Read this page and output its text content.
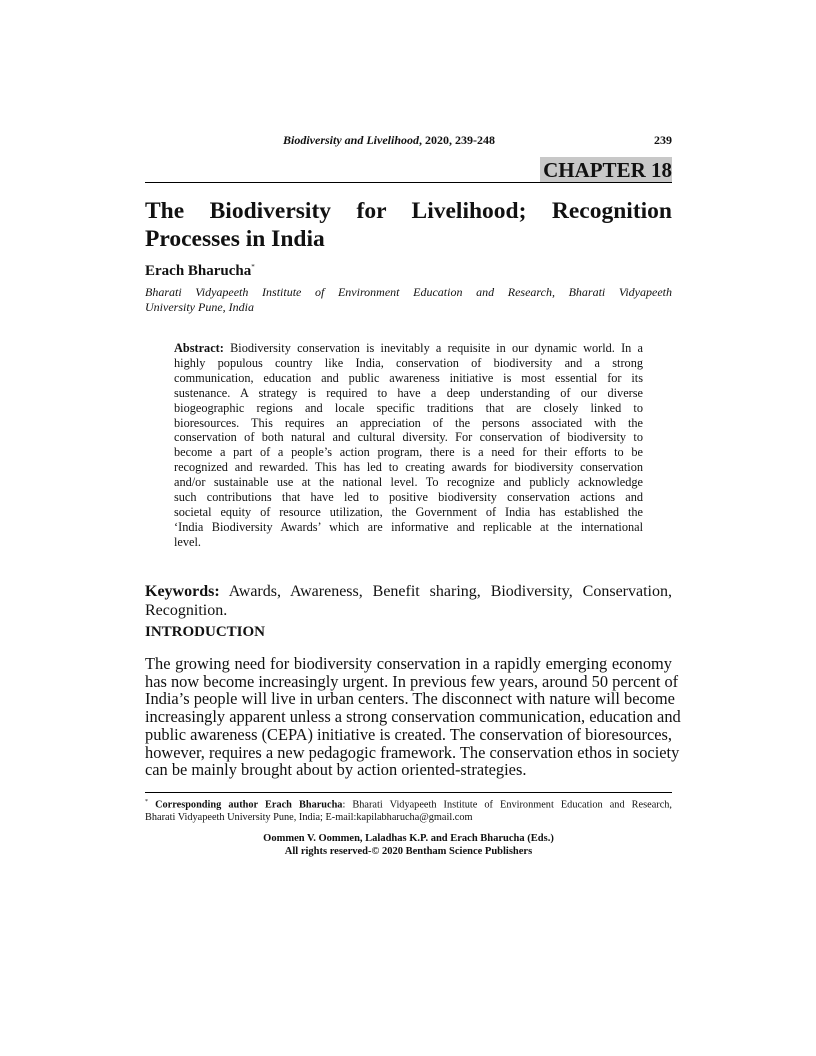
Biodiversity and Livelihood, 2020, 239-248	239
CHAPTER 18
The Biodiversity for Livelihood; Recognition
Processes in India
Erach Bharucha*
Bharati Vidyapeeth Institute of Environment Education and Research, Bharati Vidyapeeth
University Pune, India
Abstract: Biodiversity conservation is inevitably a requisite in our dynamic world. In a
highly populous country like India, conservation of biodiversity and a strong
communication, education and public awareness initiative is most essential for its
sustenance. A strategy is required to have a deep understanding of our diverse
biogeographic regions and locale specific traditions that are closely linked to
bioresources. This requires an appreciation of the persons associated with the
conservation of both natural and cultural diversity. For conservation of biodiversity to
become a part of a people’s action program, there is a need for their efforts to be
recognized and rewarded. This has led to creating awards for biodiversity conservation
and/or sustainable use at the national level. To recognize and publicly acknowledge
such contributions that have led to positive biodiversity conservation actions and
societal equity of resource utilization, the Government of India has established the
‘India Biodiversity Awards’ which are informative and replicable at the international
level.
Keywords: Awards, Awareness, Benefit sharing, Biodiversity, Conservation,
Recognition.
INTRODUCTION
The growing need for biodiversity conservation in a rapidly emerging economy
has now become increasingly urgent. In previous few years, around 50 percent of
India’s people will live in urban centers. The disconnect with nature will become
increasingly apparent unless a strong conservation communication, education and
public awareness (CEPA) initiative is created. The conservation of bioresources,
however, requires a new pedagogic framework. The conservation ethos in society
can be mainly brought about by action oriented-strategies.
* Corresponding author Erach Bharucha: Bharati Vidyapeeth Institute of Environment Education and Research,
Bharati Vidyapeeth University Pune, India; E-mail:kapilabharucha@gmail.com
Oommen V. Oommen, Laladhas K.P. and Erach Bharucha (Eds.)
All rights reserved-© 2020 Bentham Science Publishers
